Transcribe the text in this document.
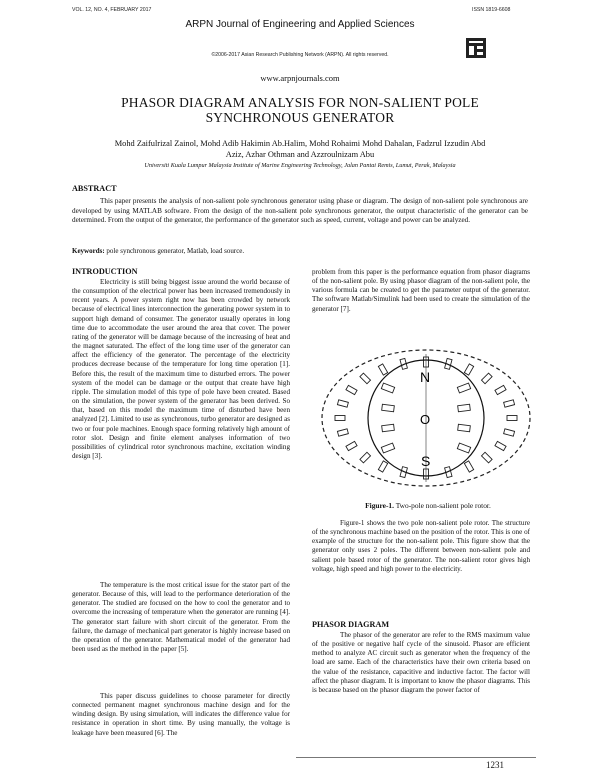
VOL. 12, NO. 4, FEBRUARY 2017	ISSN 1819-6608
ARPN Journal of Engineering and Applied Sciences
©2006-2017 Asian Research Publishing Network (ARPN). All rights reserved.
www.arpnjournals.com
PHASOR DIAGRAM ANALYSIS FOR NON-SALIENT POLE
SYNCHRONOUS GENERATOR
Mohd Zaifulrizal Zainol, Mohd Adib Hakimin Ab.Halim, Mohd Rohaimi Mohd Dahalan, Fadzrul Izzudin Abd
Aziz, Azhar Othman and Azzroulnizam Abu
Universiti Kuala Lumpur Malaysia Institute of Marine Engineering Technology, Jalan Pantai Remis, Lumut, Perak, Malaysia
ABSTRACT

This paper presents the analysis of non-salient pole synchronous generator using phase or diagram. The design of non-salient pole synchronous are developed by using MATLAB software. From the design of the non-salient pole synchronous generator, the output characteristic of the generator can be determined. From the output of the generator, the performance of the generator such as speed, current, voltage and power can be analyzed.

Keywords: pole synchronous generator, Matlab, load source.
INTRODUCTION

Electricity is still being biggest issue around the world because of the consumption of the electrical power has been increased tremendously in recent years. A power system right now has been crowded by network because of electrical lines interconnection the generating power system in to support high demand of consumer. The generator usually operates in long time due to accommodate the user around the area that cover. The power rating of the generator will be damage because of the increasing of heat and the magnet saturated. The effect of the long time user of the generator can affect the efficiency of the generator. The percentage of the electricity produces decrease because of the temperature for long time operation [1]. Before this, the result of the maximum time to disturbed errors. The power system of the model can be damage or the output that create have high ripple. The simulation model of this type of pole have been created. Based on the simulation, the power system of the generator has been derived. So that, based on this model the maximum time of disturbed have been analyzed [2]. Limited to use as synchronous, turbo generator are designed as two or four pole machines. Enough space forming relatively high amount of rotor slot. Design and finite element analyses information of two possibilities of cylindrical rotor synchronous machine, excitation winding design [3].

The temperature is the most critical issue for the stator part of the generator. Because of this, will lead to the performance deterioration of the generator. The studied are focused on the how to cool the generator and to overcome the increasing of temperature when the generator are running [4]. The generator start failure with short circuit of the generator. From the failure, the damage of mechanical part generator is highly increase based on the operation of the generator. Mathematical model of the generator had been used as the method in the paper [5].

This paper discuss guidelines to choose parameter for directly connected permanent magnet synchronous machine design and for the winding design. By using simulation, will indicates the difference value for resistance in operation in short time. By using manually, the voltage is leakage have been measured [6]. The

problem from this paper is the performance equation from phasor diagrams of the non-salient pole. By using phasor diagram of the non-salient pole, the various formula can be created to get the parameter output of the generator. The software Matlab/Simulink had been used to create the simulation of the generator [7].

N
S
O
Figure-1. Two-pole non-salient pole rotor.

Figure-1 shows the two pole non-salient pole rotor. The structure of the synchronous machine based on the position of the rotor. This is one of example of the structure for the non-salient pole. This figure show that the generator only uses 2 poles. The different between non-salient pole and salient pole based rotor of the generator. The non-salient rotor gives high voltage, high speed and high power to the electricity.

PHASOR DIAGRAM

The phasor of the generator are refer to the RMS maximum value of the positive or negative half cycle of the sinusoid. Phasor are efficient method to analyze AC circuit such as generator when the frequency of the load are same. Each of the characteristics have their own criteria based on the value of the resistance, capacitive and inductive factor. The factor will affect the phasor diagram. It is important to know the phasor diagrams. This is because based on the phasor diagram the power factor of

1231
